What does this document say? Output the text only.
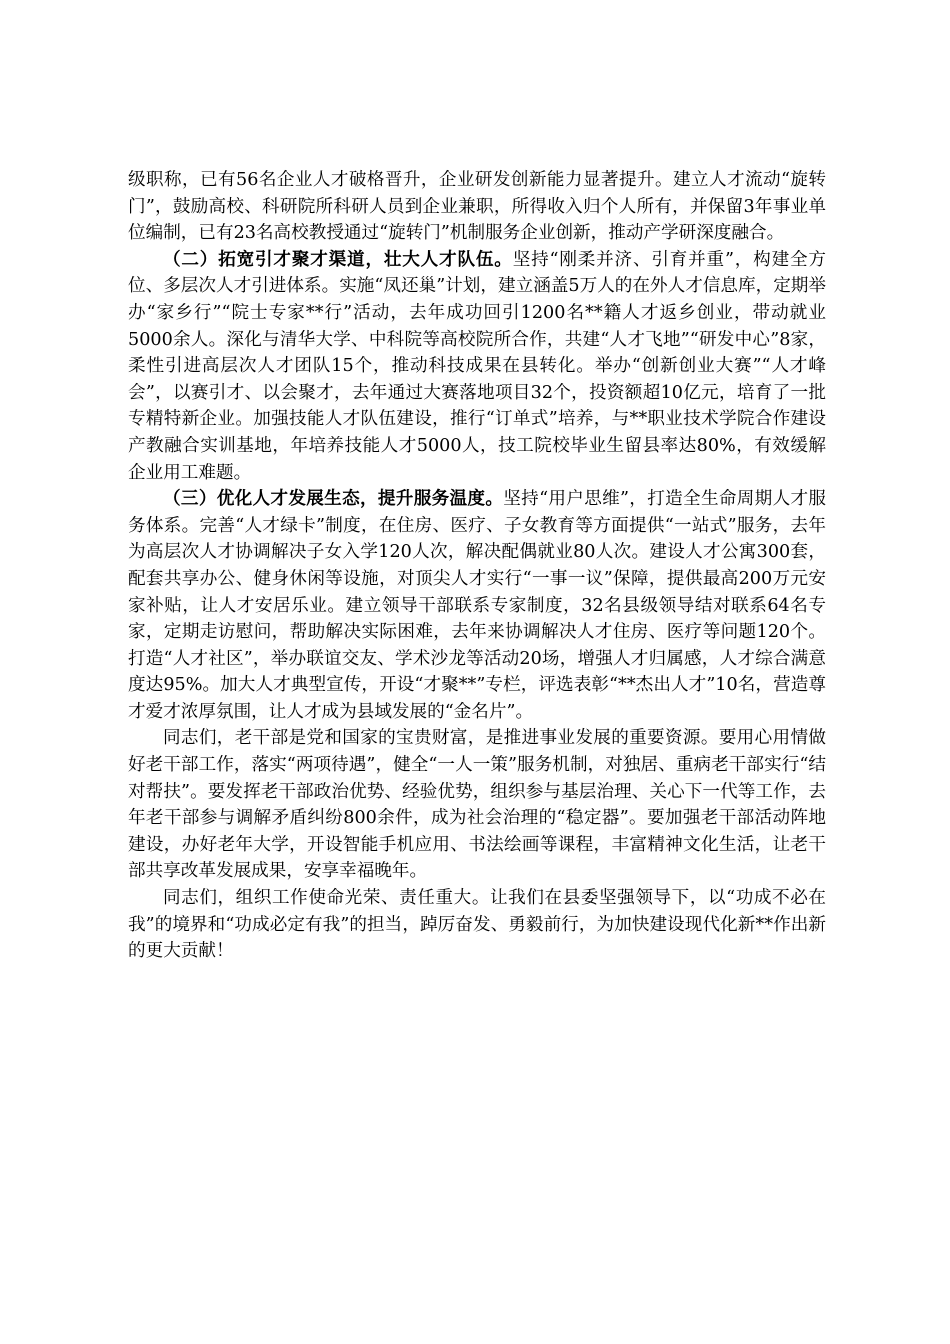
级职称，已有56名企业人才破格晋升，企业研发创新能力显著提升。建立人才流动“旋转门”，鼓励高校、科研院所科研人员到企业兼职，所得收入归个人所有，并保留3年事业单位编制，已有23名高校教授通过“旋转门”机制服务企业创新，推动产学研深度融合。

（二）拓宽引才聚才渠道，壮大人才队伍。坚持“刚柔并济、引育并重”，构建全方位、多层次人才引进体系。实施“凤还巢”计划，建立涵盖5万人的在外人才信息库，定期举办“家乡行”“院士专家**行”活动，去年成功回引1200名**籍人才返乡创业，带动就业5000余人。深化与清华大学、中科院等高校院所合作，共建“人才飞地”“研发中心”8家，柔性引进高层次人才团队15个，推动科技成果在县转化。举办“创新创业大赛”“人才峰会”，以赛引才、以会聚才，去年通过大赛落地项目32个，投资额超10亿元，培育了一批专精特新企业。加强技能人才队伍建设，推行“订单式”培养，与**职业技术学院合作建设产教融合实训基地，年培养技能人才5000人，技工院校毕业生留县率达80%，有效缓解企业用工难题。

（三）优化人才发展生态，提升服务温度。坚持“用户思维”，打造全生命周期人才服务体系。完善“人才绿卡”制度，在住房、医疗、子女教育等方面提供“一站式”服务，去年为高层次人才协调解决子女入学120人次，解决配偶就业80人次。建设人才公寓300套，配套共享办公、健身休闲等设施，对顶尖人才实行“一事一议”保障，提供最高200万元安家补贴，让人才安居乐业。建立领导干部联系专家制度，32名县级领导结对联系64名专家，定期走访慰问，帮助解决实际困难，去年来协调解决人才住房、医疗等问题120个。打造“人才社区”，举办联谊交友、学术沙龙等活动20场，增强人才归属感，人才综合满意度达95%。加大人才典型宣传，开设“才聚**”专栏，评选表彰“**杰出人才”10名，营造尊才爱才浓厚氛围，让人才成为县域发展的“金名片”。

同志们，老干部是党和国家的宝贵财富，是推进事业发展的重要资源。要用心用情做好老干部工作，落实“两项待遇”，健全“一人一策”服务机制，对独居、重病老干部实行“结对帮扶”。要发挥老干部政治优势、经验优势，组织参与基层治理、关心下一代等工作，去年老干部参与调解矛盾纠纷800余件，成为社会治理的“稳定器”。要加强老干部活动阵地建设，办好老年大学，开设智能手机应用、书法绘画等课程，丰富精神文化生活，让老干部共享改革发展成果，安享幸福晚年。

同志们，组织工作使命光荣、责任重大。让我们在县委坚强领导下，以“功成不必在我”的境界和“功成必定有我”的担当，踔厉奋发、勇毅前行，为加快建设现代化新**作出新的更大贡献！
